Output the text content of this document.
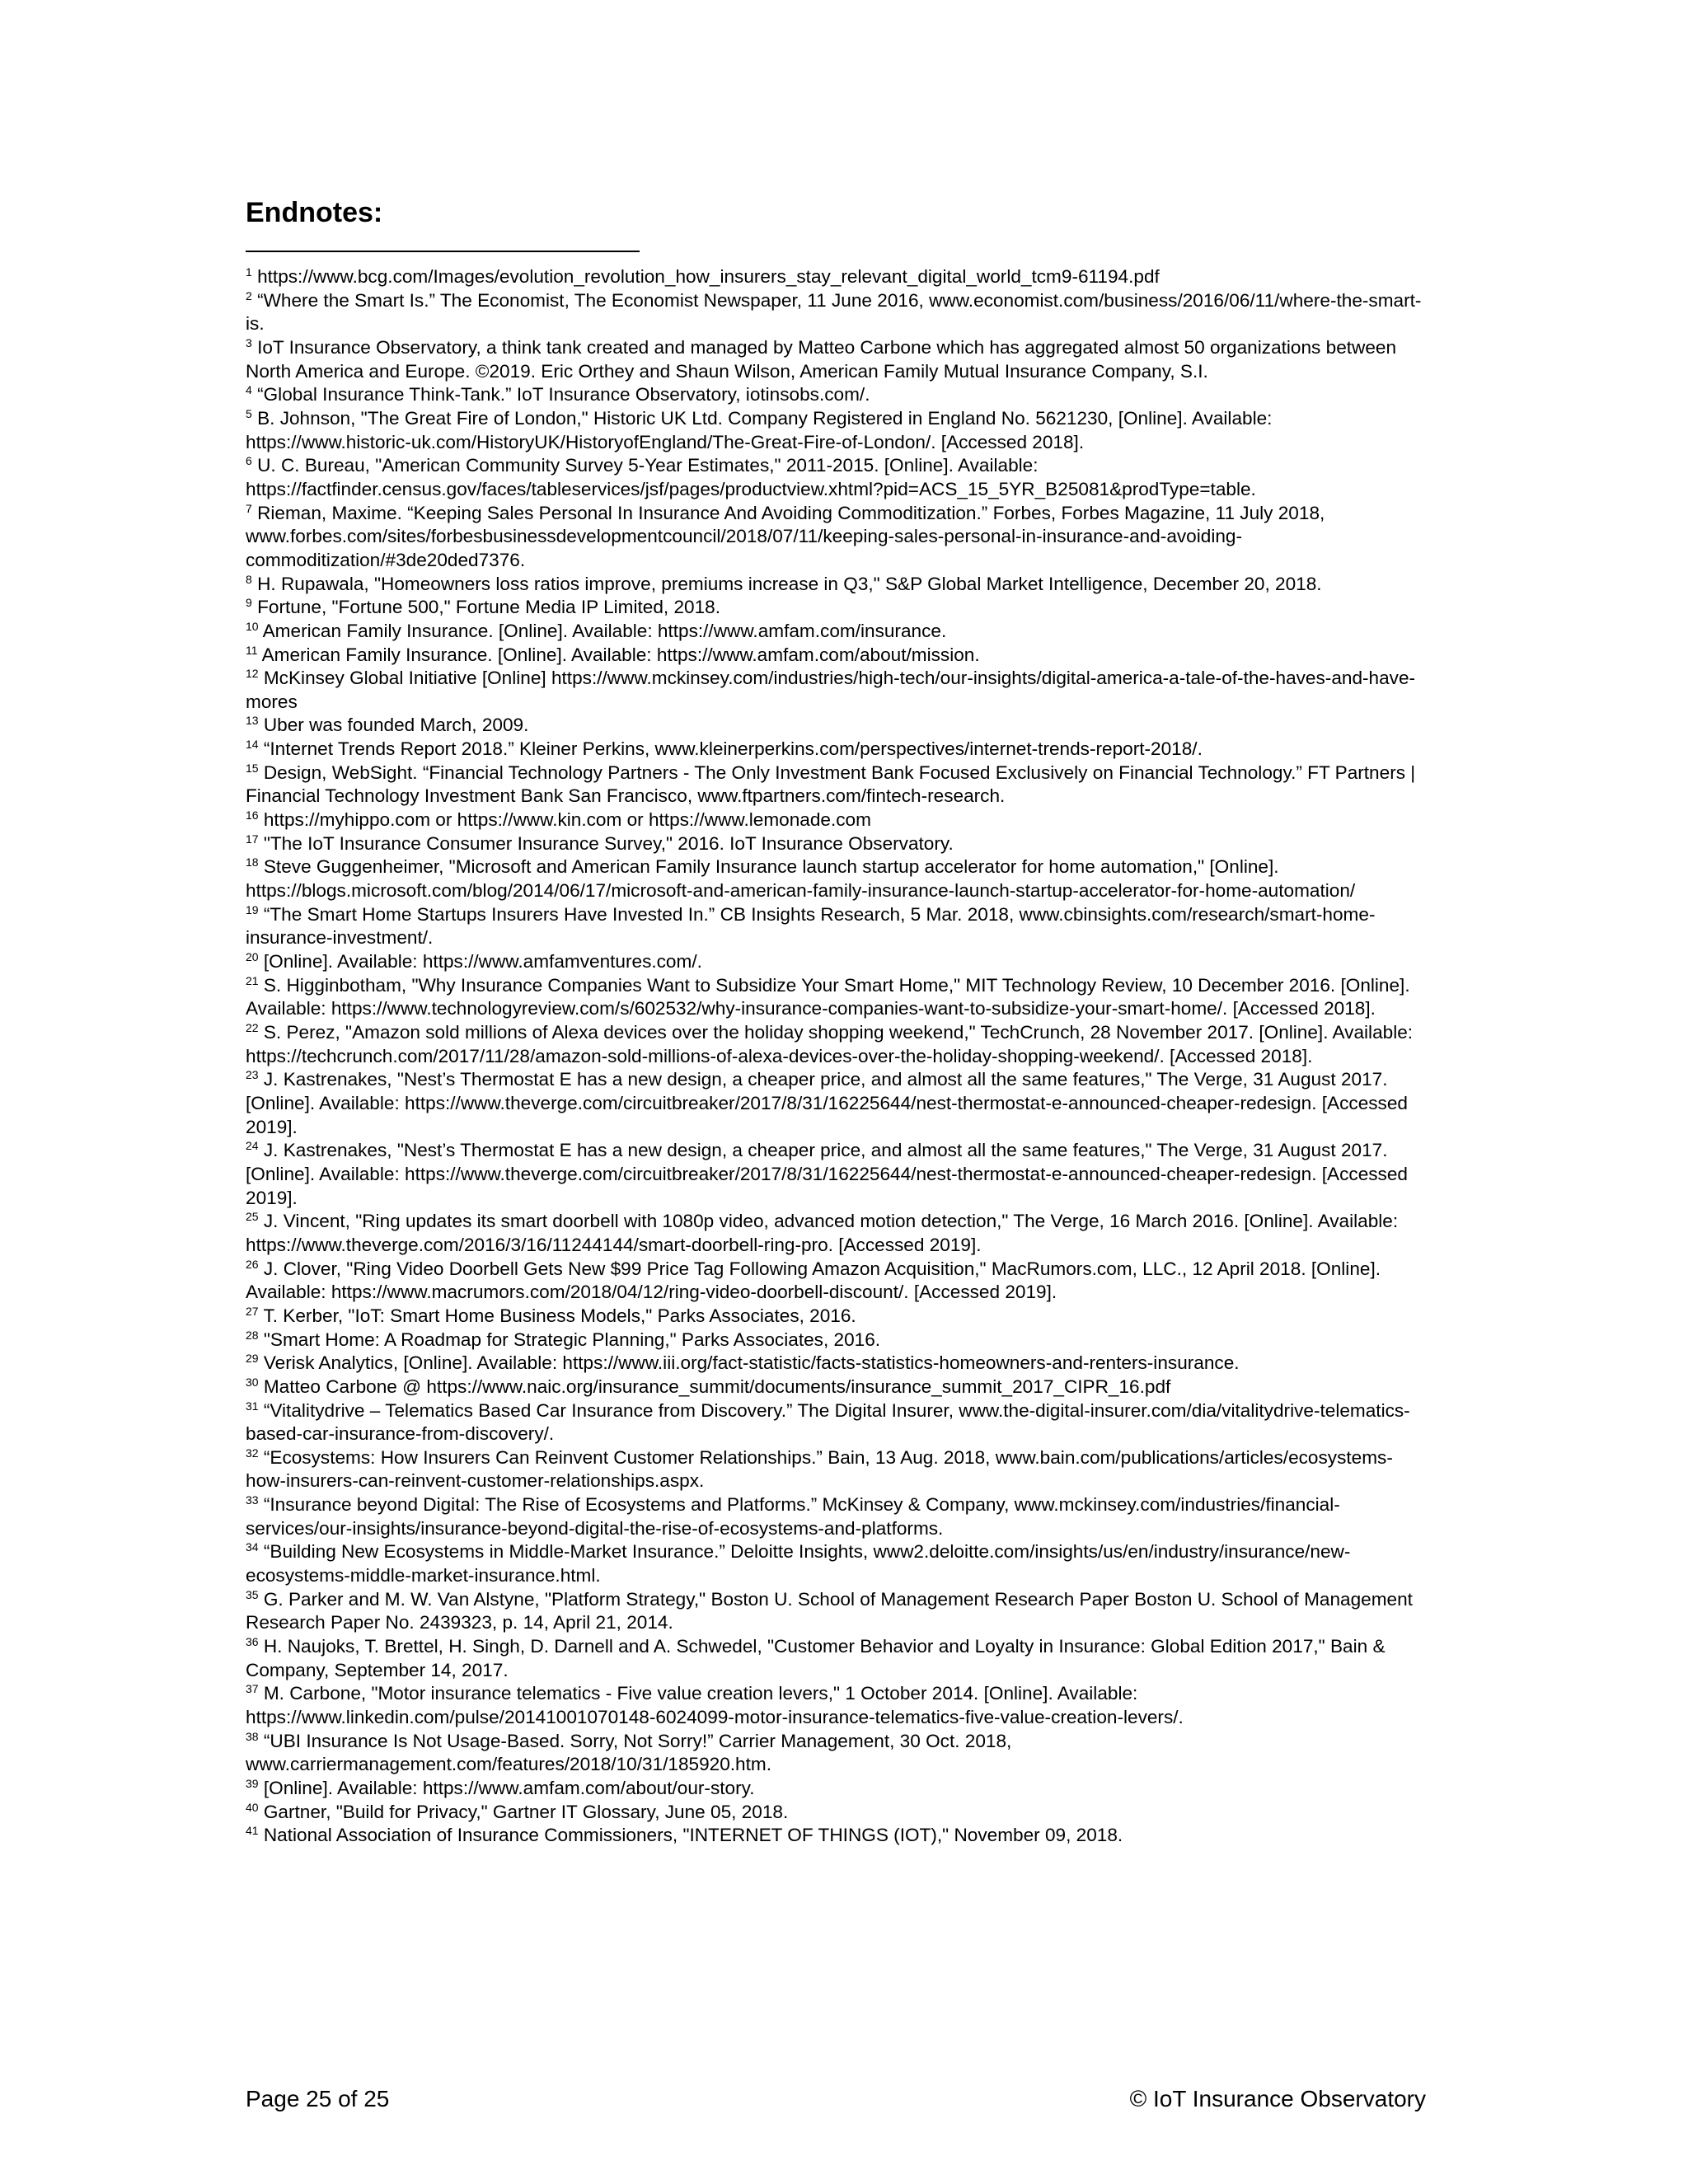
Endnotes:

$^1$ https://www.bcg.com/Images/evolution_revolution_how_insurers_stay_relevant_digital_world_tcm9-61194.pdf

$^2$ “Where the Smart Is.” The Economist, The Economist Newspaper, 11 June 2016, www.economist.com/business/2016/06/11/where-the-smart-is.

$^3$ IoT Insurance Observatory, a think tank created and managed by Matteo Carbone which has aggregated almost 50 organizations between North America and Europe. ©2019. Eric Orthey and Shaun Wilson, American Family Mutual Insurance Company, S.I.

$^4$ “Global Insurance Think-Tank.” IoT Insurance Observatory, iotinsobs.com/.

$^5$ B. Johnson, "The Great Fire of London," Historic UK Ltd. Company Registered in England No. 5621230, [Online]. Available: https://www.historic-uk.com/HistoryUK/HistoryofEngland/The-Great-Fire-of-London/. [Accessed 2018].

$^6$ U. C. Bureau, "American Community Survey 5-Year Estimates," 2011-2015. [Online]. Available: https://factfinder.census.gov/faces/tableservices/jsf/pages/productview.xhtml?pid=ACS_15_5YR_B25081&prodType=table.

$^7$ Rieman, Maxime. “Keeping Sales Personal In Insurance And Avoiding Commoditization.” Forbes, Forbes Magazine, 11 July 2018, www.forbes.com/sites/forbesbusinessdevelopmentcouncil/2018/07/11/keeping-sales-personal-in-insurance-and-avoiding-commoditization/#3de20ded7376.

$^8$ H. Rupawala, "Homeowners loss ratios improve, premiums increase in Q3," S&P Global Market Intelligence, December 20, 2018.

$^9$ Fortune, "Fortune 500," Fortune Media IP Limited, 2018.

$^{10}$ American Family Insurance. [Online]. Available: https://www.amfam.com/insurance.

$^{11}$ American Family Insurance. [Online]. Available: https://www.amfam.com/about/mission.

$^{12}$ McKinsey Global Initiative [Online] https://www.mckinsey.com/industries/high-tech/our-insights/digital-america-a-tale-of-the-haves-and-have-mores

$^{13}$ Uber was founded March, 2009.

$^{14}$ “Internet Trends Report 2018.” Kleiner Perkins, www.kleinerperkins.com/perspectives/internet-trends-report-2018/.

$^{15}$ Design, WebSight. “Financial Technology Partners - The Only Investment Bank Focused Exclusively on Financial Technology.” FT Partners | Financial Technology Investment Bank San Francisco, www.ftpartners.com/fintech-research.

$^{16}$ https://myhippo.com or https://www.kin.com or https://www.lemonade.com

$^{17}$ "The IoT Insurance Consumer Insurance Survey," 2016. IoT Insurance Observatory.

$^{18}$ Steve Guggenheimer, "Microsoft and American Family Insurance launch startup accelerator for home automation," [Online]. https://blogs.microsoft.com/blog/2014/06/17/microsoft-and-american-family-insurance-launch-startup-accelerator-for-home-automation/

$^{19}$ “The Smart Home Startups Insurers Have Invested In.” CB Insights Research, 5 Mar. 2018, www.cbinsights.com/research/smart-home-insurance-investment/.

$^{20}$ [Online]. Available: https://www.amfamventures.com/.

$^{21}$ S. Higginbotham, "Why Insurance Companies Want to Subsidize Your Smart Home," MIT Technology Review, 10 December 2016. [Online]. Available: https://www.technologyreview.com/s/602532/why-insurance-companies-want-to-subsidize-your-smart-home/. [Accessed 2018].

$^{22}$ S. Perez, "Amazon sold millions of Alexa devices over the holiday shopping weekend," TechCrunch, 28 November 2017. [Online]. Available: https://techcrunch.com/2017/11/28/amazon-sold-millions-of-alexa-devices-over-the-holiday-shopping-weekend/. [Accessed 2018].

$^{23}$ J. Kastrenakes, "Nest’s Thermostat E has a new design, a cheaper price, and almost all the same features," The Verge, 31 August 2017. [Online]. Available: https://www.theverge.com/circuitbreaker/2017/8/31/16225644/nest-thermostat-e-announced-cheaper-redesign. [Accessed 2019].

$^{24}$ J. Kastrenakes, "Nest’s Thermostat E has a new design, a cheaper price, and almost all the same features," The Verge, 31 August 2017. [Online]. Available: https://www.theverge.com/circuitbreaker/2017/8/31/16225644/nest-thermostat-e-announced-cheaper-redesign. [Accessed 2019].

$^{25}$ J. Vincent, "Ring updates its smart doorbell with 1080p video, advanced motion detection," The Verge, 16 March 2016. [Online]. Available: https://www.theverge.com/2016/3/16/11244144/smart-doorbell-ring-pro. [Accessed 2019].

$^{26}$ J. Clover, "Ring Video Doorbell Gets New $99 Price Tag Following Amazon Acquisition," MacRumors.com, LLC., 12 April 2018. [Online]. Available: https://www.macrumors.com/2018/04/12/ring-video-doorbell-discount/. [Accessed 2019].

$^{27}$ T. Kerber, "IoT: Smart Home Business Models," Parks Associates, 2016.

$^{28}$ "Smart Home: A Roadmap for Strategic Planning," Parks Associates, 2016.

$^{29}$ Verisk Analytics, [Online]. Available: https://www.iii.org/fact-statistic/facts-statistics-homeowners-and-renters-insurance.

$^{30}$ Matteo Carbone @ https://www.naic.org/insurance_summit/documents/insurance_summit_2017_CIPR_16.pdf

$^{31}$ “Vitalitydrive – Telematics Based Car Insurance from Discovery.” The Digital Insurer, www.the-digital-insurer.com/dia/vitalitydrive-telematics-based-car-insurance-from-discovery/.

$^{32}$ “Ecosystems: How Insurers Can Reinvent Customer Relationships.” Bain, 13 Aug. 2018, www.bain.com/publications/articles/ecosystems-how-insurers-can-reinvent-customer-relationships.aspx.

$^{33}$ “Insurance beyond Digital: The Rise of Ecosystems and Platforms.” McKinsey & Company, www.mckinsey.com/industries/financial-services/our-insights/insurance-beyond-digital-the-rise-of-ecosystems-and-platforms.

$^{34}$ “Building New Ecosystems in Middle-Market Insurance.” Deloitte Insights, www2.deloitte.com/insights/us/en/industry/insurance/new-ecosystems-middle-market-insurance.html.

$^{35}$ G. Parker and M. W. Van Alstyne, "Platform Strategy," Boston U. School of Management Research Paper Boston U. School of Management Research Paper No. 2439323, p. 14, April 21, 2014.

$^{36}$ H. Naujoks, T. Brettel, H. Singh, D. Darnell and A. Schwedel, "Customer Behavior and Loyalty in Insurance: Global Edition 2017," Bain & Company, September 14, 2017.

$^{37}$ M. Carbone, "Motor insurance telematics - Five value creation levers," 1 October 2014. [Online]. Available: https://www.linkedin.com/pulse/20141001070148-6024099-motor-insurance-telematics-five-value-creation-levers/.

$^{38}$ “UBI Insurance Is Not Usage-Based. Sorry, Not Sorry!” Carrier Management, 30 Oct. 2018, www.carriermanagement.com/features/2018/10/31/185920.htm.

$^{39}$ [Online]. Available: https://www.amfam.com/about/our-story.

$^{40}$ Gartner, "Build for Privacy," Gartner IT Glossary, June 05, 2018.

$^{41}$ National Association of Insurance Commissioners, "INTERNET OF THINGS (IOT)," November 09, 2018.

Page 25 of 25	© IoT Insurance Observatory
